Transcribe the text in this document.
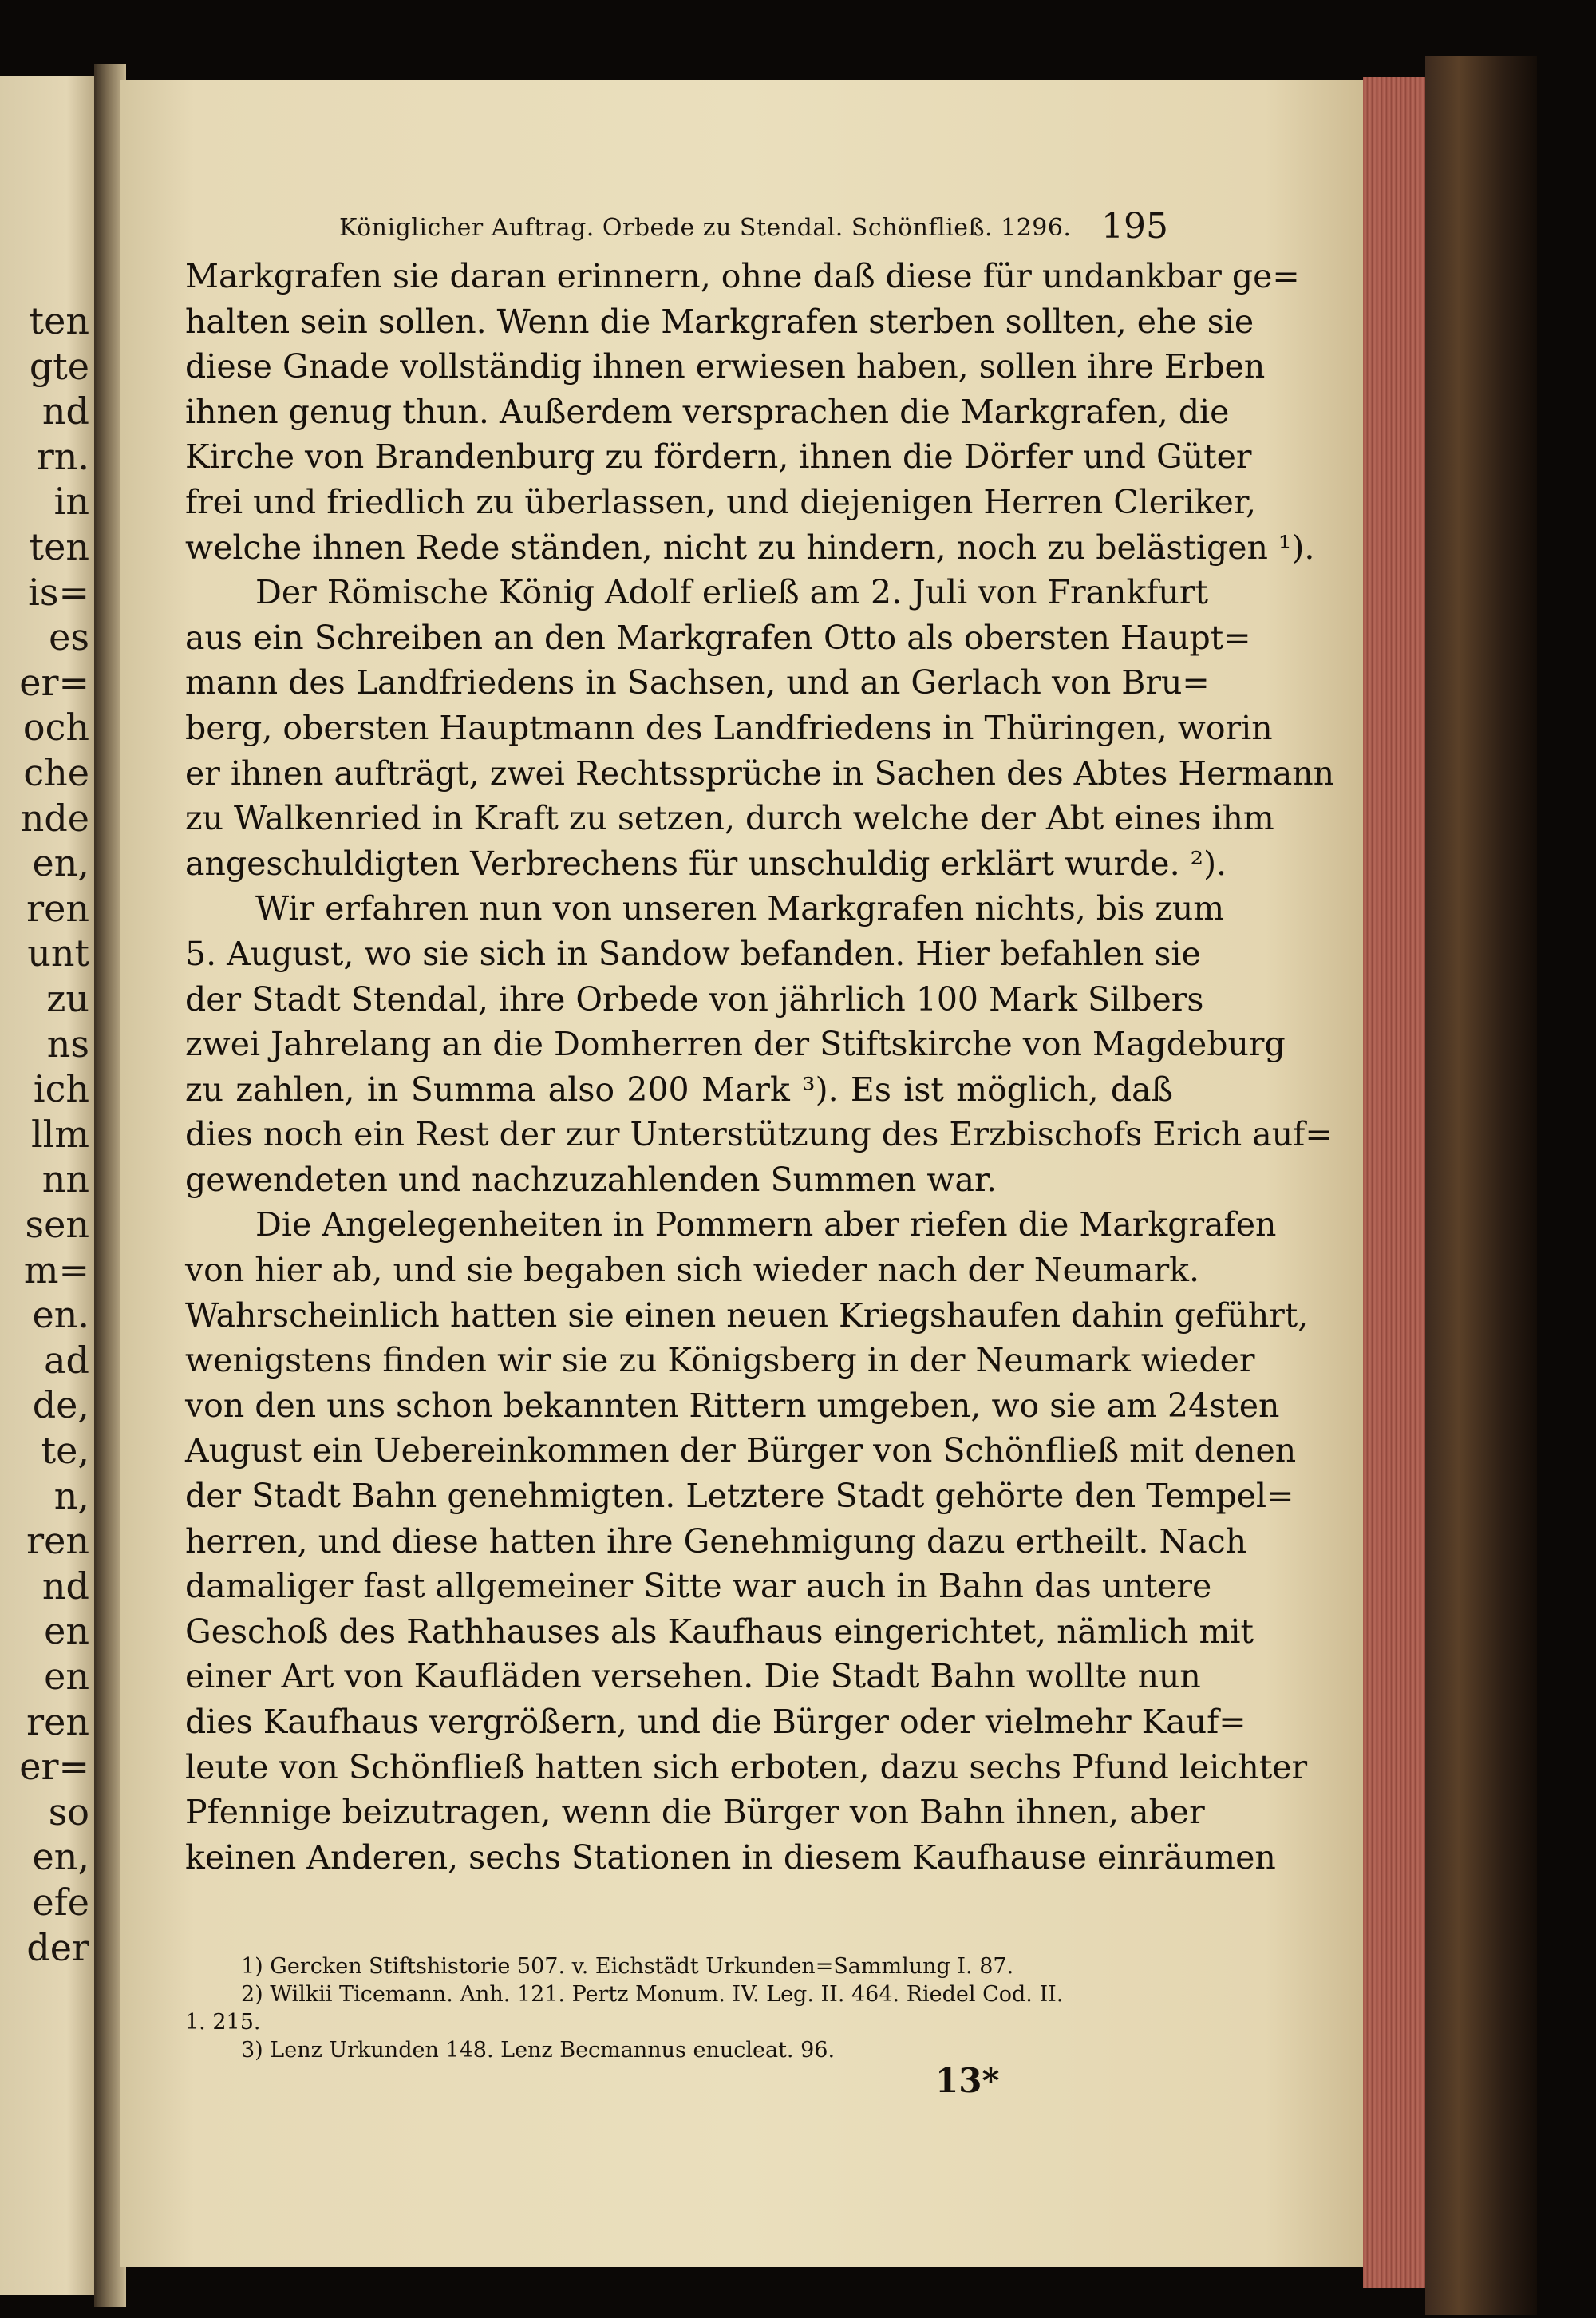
ten
gte
nd
rn.
in
ten
is=
es
er=
och
che
nde
en,
ren
unt
zu
ns
ich
llm
nn
sen
m=
en.
ad
de,
te,
n,
ren
nd
en
en
ren
er=
so
en,
efe
der
Königlicher Auftrag. Orbede zu Stendal. Schönfließ. 1296. 195
Markgrafen sie daran erinnern, ohne daß diese für undankbar ge=
halten sein sollen. Wenn die Markgrafen sterben sollten, ehe sie
diese Gnade vollständig ihnen erwiesen haben, sollen ihre Erben
ihnen genug thun. Außerdem versprachen die Markgrafen, die
Kirche von Brandenburg zu fördern, ihnen die Dörfer und Güter
frei und friedlich zu überlassen, und diejenigen Herren Cleriker,
welche ihnen Rede ständen, nicht zu hindern, noch zu belästigen ¹).
Der Römische König Adolf erließ am 2. Juli von Frankfurt
aus ein Schreiben an den Markgrafen Otto als obersten Haupt=
mann des Landfriedens in Sachsen, und an Gerlach von Bru=
berg, obersten Hauptmann des Landfriedens in Thüringen, worin
er ihnen aufträgt, zwei Rechtssprüche in Sachen des Abtes Hermann
zu Walkenried in Kraft zu setzen, durch welche der Abt eines ihm
angeschuldigten Verbrechens für unschuldig erklärt wurde. ²).
Wir erfahren nun von unseren Markgrafen nichts, bis zum
5. August, wo sie sich in Sandow befanden. Hier befahlen sie
der Stadt Stendal, ihre Orbede von jährlich 100 Mark Silbers
zwei Jahrelang an die Domherren der Stiftskirche von Magdeburg
zu zahlen, in Summa also 200 Mark ³). Es ist möglich, daß
dies noch ein Rest der zur Unterstützung des Erzbischofs Erich auf=
gewendeten und nachzuzahlenden Summen war.
Die Angelegenheiten in Pommern aber riefen die Markgrafen
von hier ab, und sie begaben sich wieder nach der Neumark.
Wahrscheinlich hatten sie einen neuen Kriegshaufen dahin geführt,
wenigstens finden wir sie zu Königsberg in der Neumark wieder
von den uns schon bekannten Rittern umgeben, wo sie am 24sten
August ein Uebereinkommen der Bürger von Schönfließ mit denen
der Stadt Bahn genehmigten. Letztere Stadt gehörte den Tempel=
herren, und diese hatten ihre Genehmigung dazu ertheilt. Nach
damaliger fast allgemeiner Sitte war auch in Bahn das untere
Geschoß des Rathhauses als Kaufhaus eingerichtet, nämlich mit
einer Art von Kaufläden versehen. Die Stadt Bahn wollte nun
dies Kaufhaus vergrößern, und die Bürger oder vielmehr Kauf=
leute von Schönfließ hatten sich erboten, dazu sechs Pfund leichter
Pfennige beizutragen, wenn die Bürger von Bahn ihnen, aber
keinen Anderen, sechs Stationen in diesem Kaufhause einräumen
1) Gercken Stiftshistorie 507. v. Eichstädt Urkunden=Sammlung I. 87.
2) Wilkii Ticemann. Anh. 121. Pertz Monum. IV. Leg. II. 464. Riedel Cod. II.
1. 215.
3) Lenz Urkunden 148. Lenz Becmannus enucleat. 96.
13*
